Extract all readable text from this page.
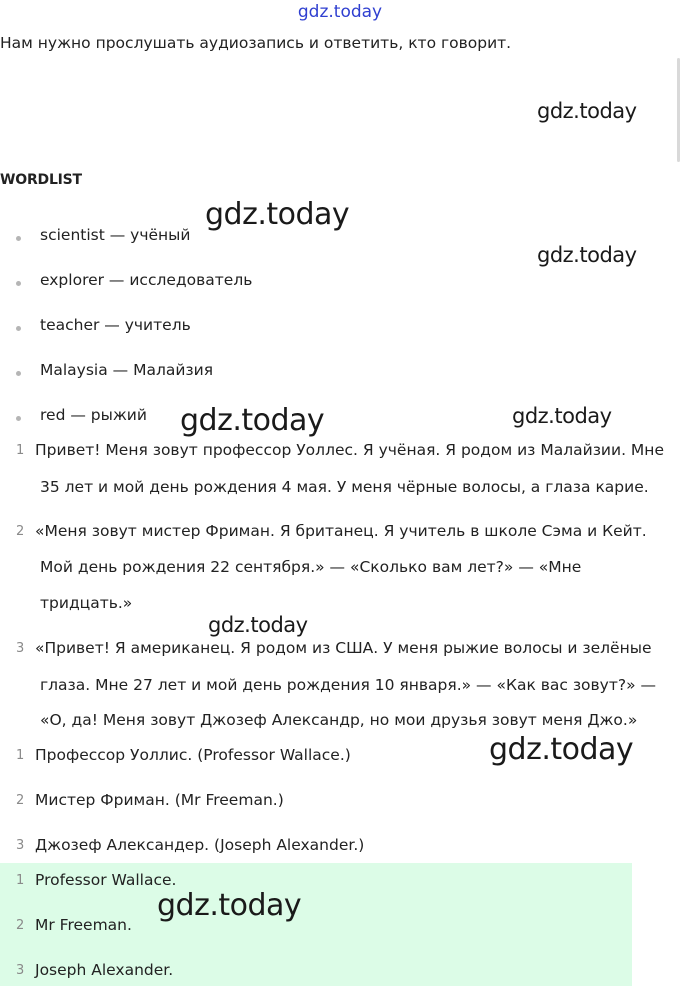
gdz.today
Нам нужно прослушать аудиозапись и ответить, кто говорит.
WORDLIST
scientist — учёный
explorer — исследователь
teacher — учитель
Malaysia — Малайзия
red — рыжий
1 Привет! Меня зовут профессор Уоллес. Я учёная. Я родом из Малайзии. Мне
35 лет и мой день рождения 4 мая. У меня чёрные волосы, а глаза карие.
2 «Меня зовут мистер Фриман. Я британец. Я учитель в школе Сэма и Кейт.
Мой день рождения 22 сентября.» — «Сколько вам лет?» — «Мне
тридцать.»
3 «Привет! Я американец. Я родом из США. У меня рыжие волосы и зелёные
глаза. Мне 27 лет и мой день рождения 10 января.» — «Как вас зовут?» —
«О, да! Меня зовут Джозеф Александр, но мои друзья зовут меня Джо.»
1 Профессор Уоллис. (Professor Wallace.)
2 Мистер Фриман. (Mr Freeman.)
3 Джозеф Александер. (Joseph Alexander.)
1 Professor Wallace.
2 Mr Freeman.
3 Joseph Alexander.
gdz.today
gdz.today
gdz.today
gdz.today	gdz.today
gdz.today
gdz.today
gdz.today
